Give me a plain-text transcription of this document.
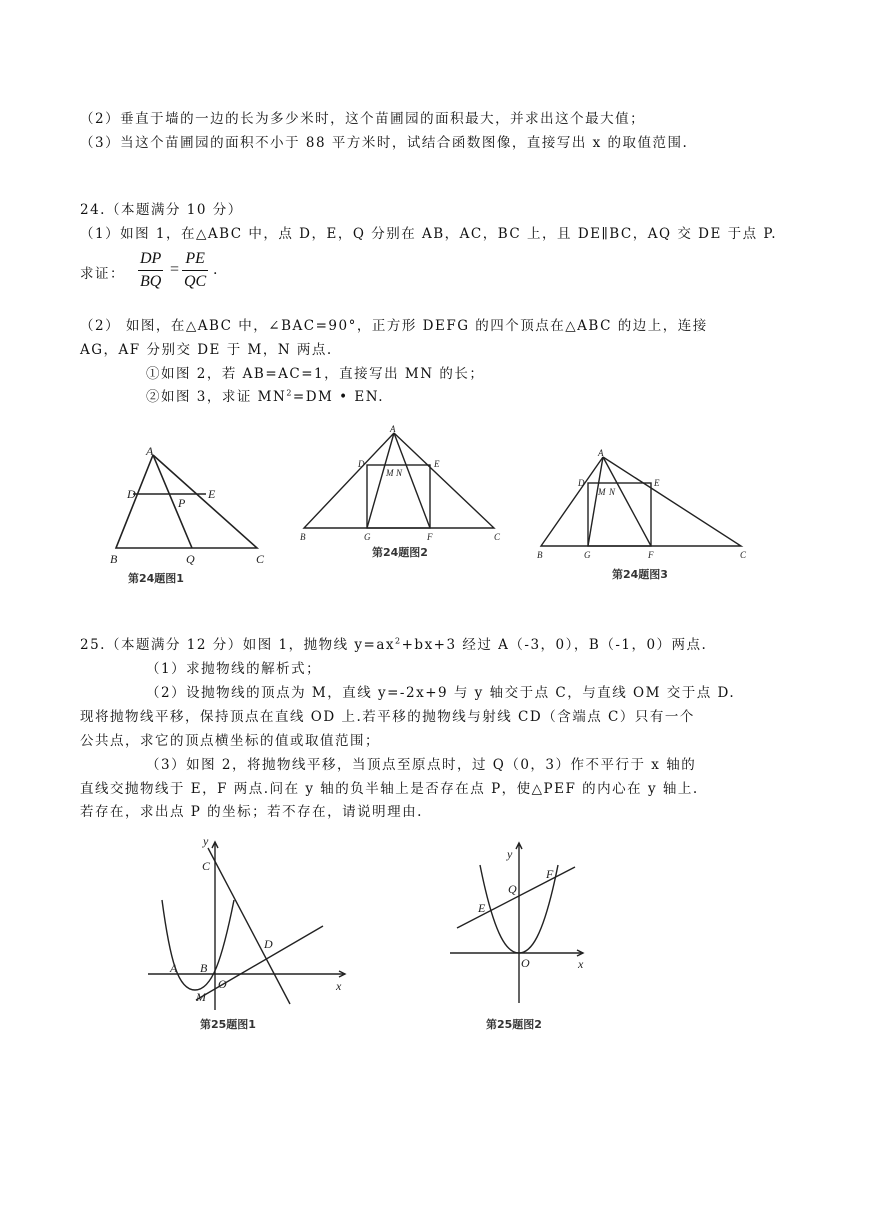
（2）垂直于墙的一边的长为多少米时，这个苗圃园的面积最大，并求出这个最大值；
（3）当这个苗圃园的面积不小于 88 平方米时，试结合函数图像，直接写出 x 的取值范围.
24.（本题满分 10 分）
（1）如图 1，在△ABC 中，点 D，E，Q 分别在 AB，AC，BC 上，且 DE∥BC，AQ 交 DE 于点 P.
求证：
DP
BQ
=
PE
QC
.
（2） 如图，在△ABC 中，∠BAC=90°，正方形 DEFG 的四个顶点在△ABC 的边上，连接
AG，AF 分别交 DE 于 M，N 两点.
①如图 2，若 AB=AC=1，直接写出 MN 的长；
②如图 3，求证 $MN^2=DM$ • EN.
A
D	E
P
B	Q	C
第24题图1
A
D	E
M N
B	G	F	C
第24题图2
A
D	E
M N
B	G	F	C
第24题图3
y
C
D
A B
O
M
x
第25题图1
y
F
Q
E
O	x
第25题图2
25.（本题满分 12 分）如图 1，抛物线 $y=ax^2+bx+3$ 经过 A（-3，0），B（-1，0）两点.
（1）求抛物线的解析式；
（2）设抛物线的顶点为 M，直线 y=-2x+9 与 y 轴交于点 C，与直线 OM 交于点 D.
现将抛物线平移，保持顶点在直线 OD 上.若平移的抛物线与射线 CD（含端点 C）只有一个
公共点，求它的顶点横坐标的值或取值范围；
（3）如图 2，将抛物线平移，当顶点至原点时，过 Q（0，3）作不平行于 x 轴的
直线交抛物线于 E，F 两点.问在 y 轴的负半轴上是否存在点 P，使△PEF 的内心在 y 轴上.
若存在，求出点 P 的坐标；若不存在，请说明理由.
